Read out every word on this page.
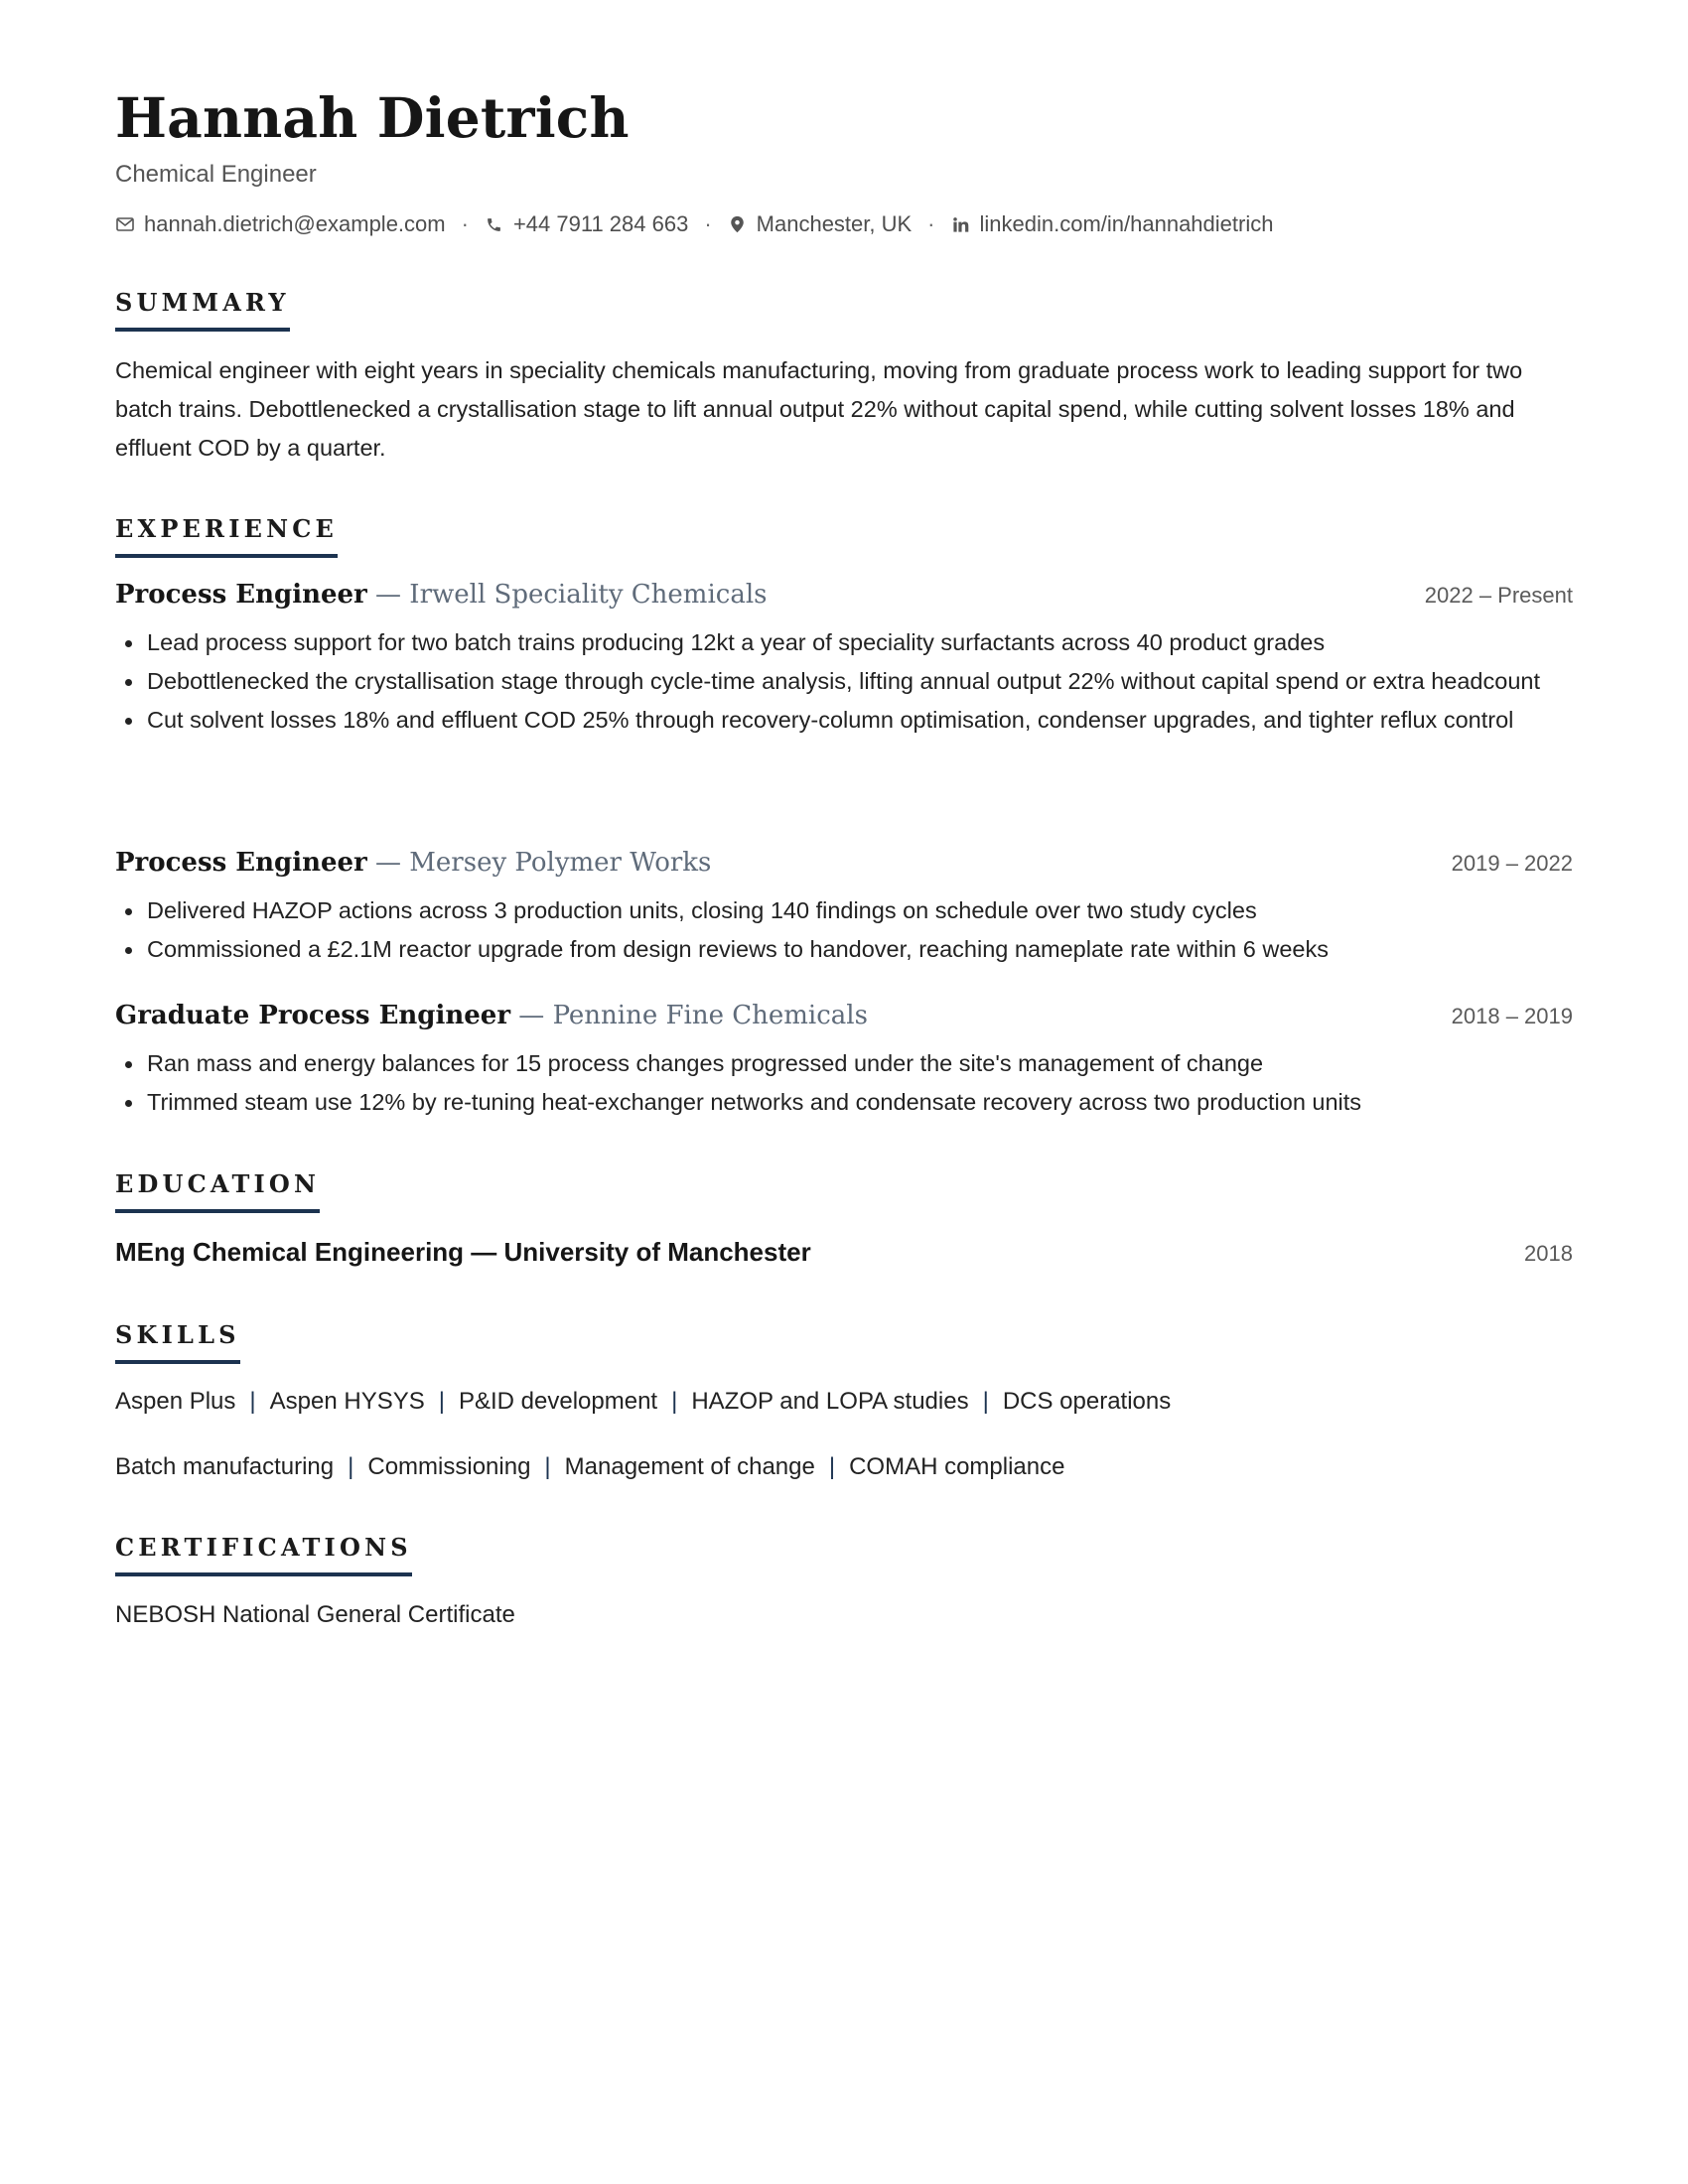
Hannah Dietrich
Chemical Engineer
hannah.dietrich@example.com · +44 7911 284 663 · Manchester, UK · linkedin.com/in/hannahdietrich
SUMMARY

Chemical engineer with eight years in speciality chemicals manufacturing, moving from graduate process work to leading support for two batch trains. Debottlenecked a crystallisation stage to lift annual output 22% without capital spend, while cutting solvent losses 18% and effluent COD by a quarter.

EXPERIENCE
Process Engineer — Irwell Speciality Chemicals	2022 – Present
Lead process support for two batch trains producing 12kt a year of speciality surfactants across 40 product grades
Debottlenecked the crystallisation stage through cycle-time analysis, lifting annual output 22% without capital spend or extra headcount
Cut solvent losses 18% and effluent COD 25% through recovery-column optimisation, condenser upgrades, and tighter reflux control
Process Engineer — Mersey Polymer Works	2019 – 2022
Delivered HAZOP actions across 3 production units, closing 140 findings on schedule over two study cycles
Commissioned a £2.1M reactor upgrade from design reviews to handover, reaching nameplate rate within 6 weeks
Graduate Process Engineer — Pennine Fine Chemicals	2018 – 2019
Ran mass and energy balances for 15 process changes progressed under the site's management of change
Trimmed steam use 12% by re-tuning heat-exchanger networks and condensate recovery across two production units
EDUCATION
MEng Chemical Engineering — University of Manchester	2018
SKILLS
Aspen Plus | Aspen HYSYS | P&ID development | HAZOP and LOPA studies | DCS operations
Batch manufacturing | Commissioning | Management of change | COMAH compliance
CERTIFICATIONS
NEBOSH National General Certificate
